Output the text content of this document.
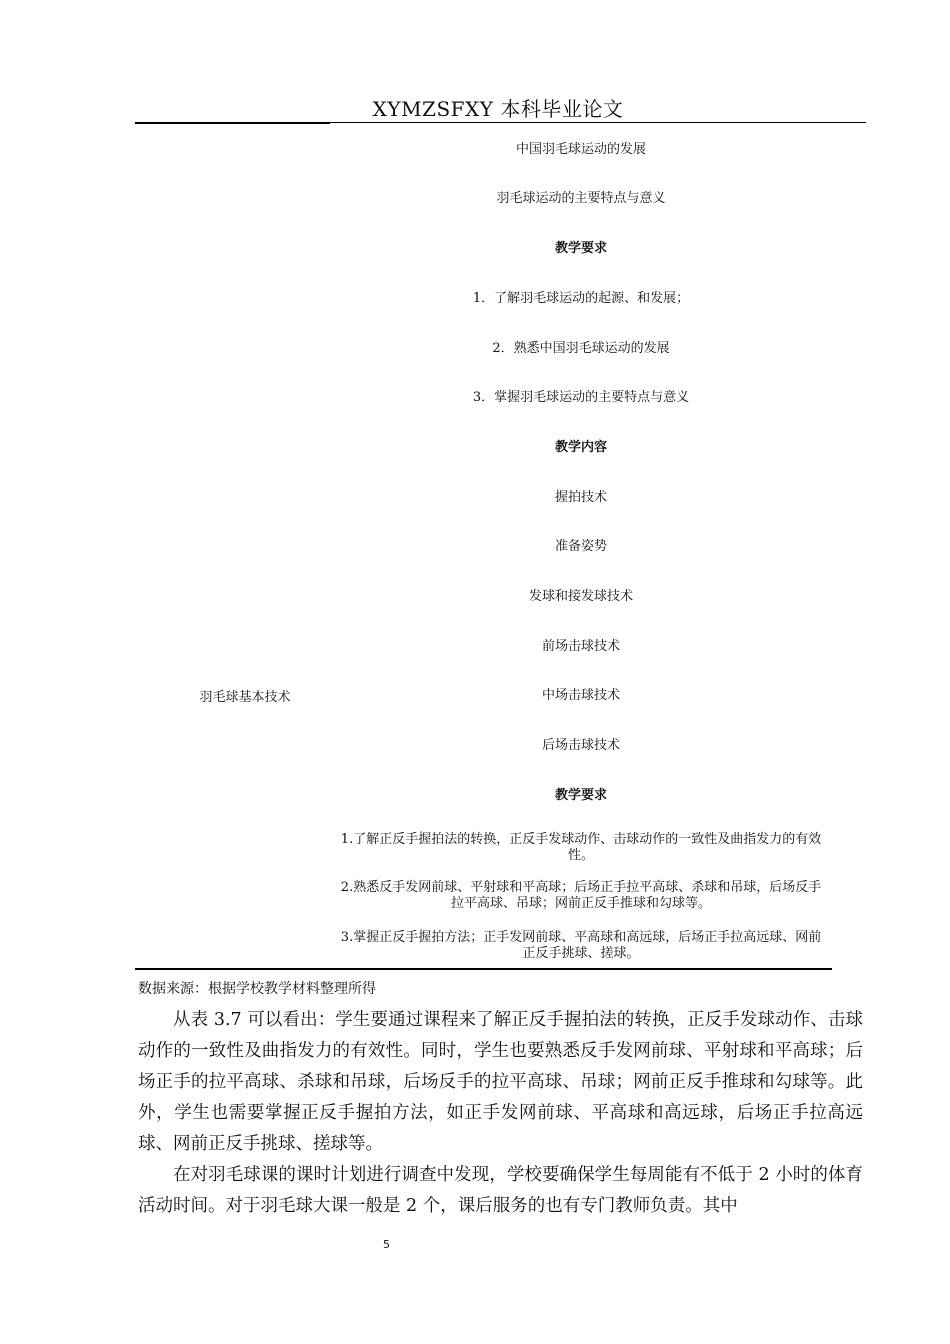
XYMZSFXY 本科毕业论文
羽毛球基本技术
中国羽毛球运动的发展
羽毛球运动的主要特点与意义
教学要求
1．了解羽毛球运动的起源、和发展；
2．熟悉中国羽毛球运动的发展
3．掌握羽毛球运动的主要特点与意义
教学内容
握拍技术
准备姿势
发球和接发球技术
前场击球技术
中场击球技术
后场击球技术
教学要求
1.了解正反手握拍法的转换，正反手发球动作、击球动作的一致性及曲指发力的有效性。
2.熟悉反手发网前球、平射球和平高球；后场正手拉平高球、杀球和吊球，后场反手拉平高球、吊球；网前正反手推球和勾球等。
3.掌握正反手握拍方法；正手发网前球、平高球和高远球，后场正手拉高远球、网前正反手挑球、搓球。
数据来源：根据学校教学材料整理所得
从表 3.7 可以看出：学生要通过课程来了解正反手握拍法的转换，正反手发球动作、击球动作的一致性及曲指发力的有效性。同时，学生也要熟悉反手发网前球、平射球和平高球；后场正手的拉平高球、杀球和吊球，后场反手的拉平高球、吊球；网前正反手推球和勾球等。此外，学生也需要掌握正反手握拍方法，如正手发网前球、平高球和高远球，后场正手拉高远球、网前正反手挑球、搓球等。
在对羽毛球课的课时计划进行调查中发现，学校要确保学生每周能有不低于 2 小时的体育活动时间。对于羽毛球大课一般是 2 个，课后服务的也有专门教师负责。其中
5
